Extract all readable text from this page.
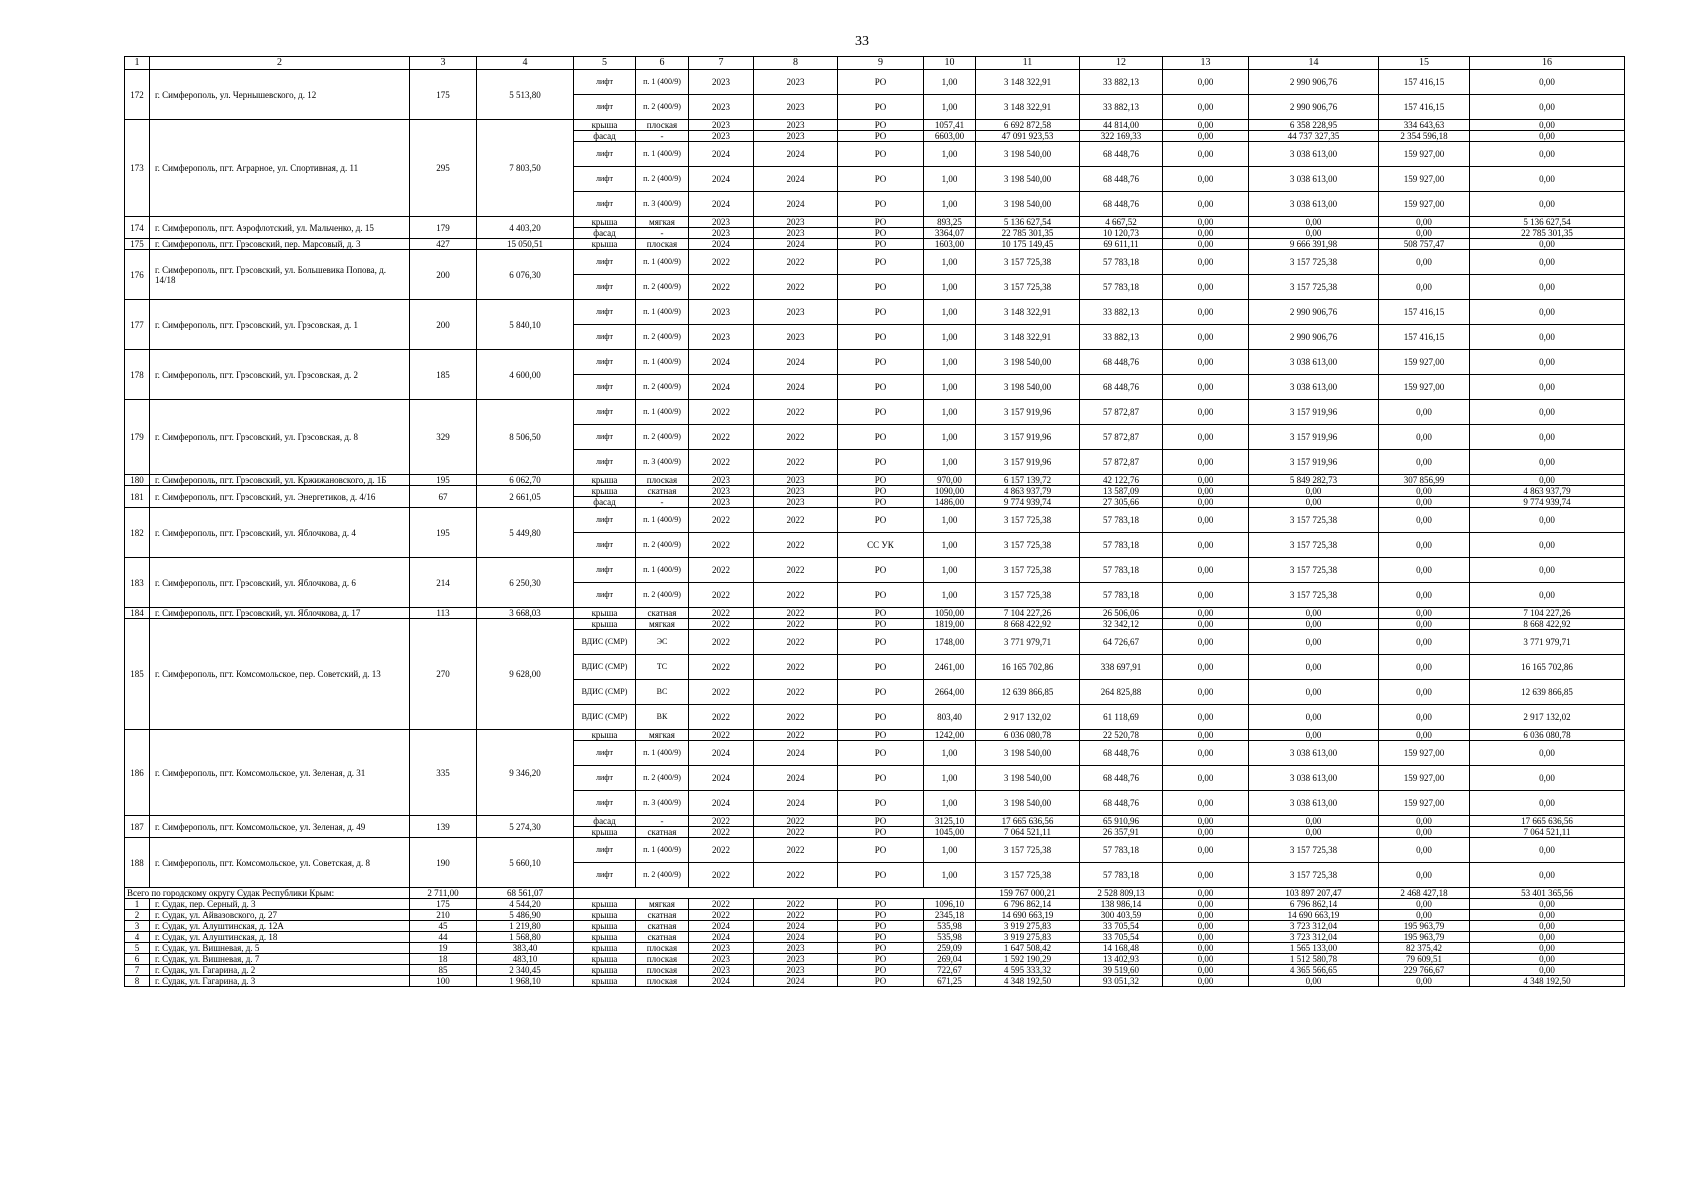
33
1	2	3	4	5	6	7	8	9	10	11	12	13	14	15	16
172	г. Симферополь, ул. Чернышевского, д. 12	175	5 513,80	лифт	п. 1 (400/9)	2023	2023	РО	1,00	3 148 322,91	33 882,13	0,00	2 990 906,76	157 416,15	0,00
				лифт	п. 2 (400/9)	2023	2023	РО	1,00	3 148 322,91	33 882,13	0,00	2 990 906,76	157 416,15	0,00
173	г. Симферополь, пгт. Аграрное, ул. Спортивная, д. 11	295	7 803,50	крыша	плоская	2023	2023	РО	1057,41	6 692 872,58	44 814,00	0,00	6 358 228,95	334 643,63	0,00
				фасад	-	2023	2023	РО	6603,00	47 091 923,53	322 169,33	0,00	44 737 327,35	2 354 596,18	0,00
				лифт	п. 1 (400/9)	2024	2024	РО	1,00	3 198 540,00	68 448,76	0,00	3 038 613,00	159 927,00	0,00
				лифт	п. 2 (400/9)	2024	2024	РО	1,00	3 198 540,00	68 448,76	0,00	3 038 613,00	159 927,00	0,00
				лифт	п. 3 (400/9)	2024	2024	РО	1,00	3 198 540,00	68 448,76	0,00	3 038 613,00	159 927,00	0,00
174	г. Симферополь, пгт. Аэрофлотский, ул. Мальченко, д. 15	179	4 403,20	крыша	мягкая	2023	2023	РО	893,25	5 136 627,54	4 667,52	0,00	0,00	0,00	5 136 627,54
				фасад	-	2023	2023	РО	3364,07	22 785 301,35	10 120,73	0,00	0,00	0,00	22 785 301,35
175	г. Симферополь, пгт. Грэсовский, пер. Марсовый, д. 3	427	15 050,51	крыша	плоская	2024	2024	РО	1603,00	10 175 149,45	69 611,11	0,00	9 666 391,98	508 757,47	0,00
176	г. Симферополь, пгт. Грэсовский, ул. Большевика Попова, д. 14/18	200	6 076,30	лифт	п. 1 (400/9)	2022	2022	РО	1,00	3 157 725,38	57 783,18	0,00	3 157 725,38	0,00	0,00
				лифт	п. 2 (400/9)	2022	2022	РО	1,00	3 157 725,38	57 783,18	0,00	3 157 725,38	0,00	0,00
177	г. Симферополь, пгт. Грэсовский, ул. Грэсовская, д. 1	200	5 840,10	лифт	п. 1 (400/9)	2023	2023	РО	1,00	3 148 322,91	33 882,13	0,00	2 990 906,76	157 416,15	0,00
				лифт	п. 2 (400/9)	2023	2023	РО	1,00	3 148 322,91	33 882,13	0,00	2 990 906,76	157 416,15	0,00
178	г. Симферополь, пгт. Грэсовский, ул. Грэсовская, д. 2	185	4 600,00	лифт	п. 1 (400/9)	2024	2024	РО	1,00	3 198 540,00	68 448,76	0,00	3 038 613,00	159 927,00	0,00
				лифт	п. 2 (400/9)	2024	2024	РО	1,00	3 198 540,00	68 448,76	0,00	3 038 613,00	159 927,00	0,00
179	г. Симферополь, пгт. Грэсовский, ул. Грэсовская, д. 8	329	8 506,50	лифт	п. 1 (400/9)	2022	2022	РО	1,00	3 157 919,96	57 872,87	0,00	3 157 919,96	0,00	0,00
				лифт	п. 2 (400/9)	2022	2022	РО	1,00	3 157 919,96	57 872,87	0,00	3 157 919,96	0,00	0,00
				лифт	п. 3 (400/9)	2022	2022	РО	1,00	3 157 919,96	57 872,87	0,00	3 157 919,96	0,00	0,00
180	г. Симферополь, пгт. Грэсовский, ул. Кржижановского, д. 1Б	195	6 062,70	крыша	плоская	2023	2023	РО	970,00	6 157 139,72	42 122,76	0,00	5 849 282,73	307 856,99	0,00
181	г. Симферополь, пгт. Грэсовский, ул. Энергетиков, д. 4/16	67	2 661,05	крыша	скатная	2023	2023	РО	1090,00	4 863 937,79	13 587,09	0,00	0,00	0,00	4 863 937,79
				фасад	-	2023	2023	РО	1486,00	9 774 939,74	27 305,66	0,00	0,00	0,00	9 774 939,74
182	г. Симферополь, пгт. Грэсовский, ул. Яблочкова, д. 4	195	5 449,80	лифт	п. 1 (400/9)	2022	2022	РО	1,00	3 157 725,38	57 783,18	0,00	3 157 725,38	0,00	0,00
				лифт	п. 2 (400/9)	2022	2022	СС УК	1,00	3 157 725,38	57 783,18	0,00	3 157 725,38	0,00	0,00
183	г. Симферополь, пгт. Грэсовский, ул. Яблочкова, д. 6	214	6 250,30	лифт	п. 1 (400/9)	2022	2022	РО	1,00	3 157 725,38	57 783,18	0,00	3 157 725,38	0,00	0,00
				лифт	п. 2 (400/9)	2022	2022	РО	1,00	3 157 725,38	57 783,18	0,00	3 157 725,38	0,00	0,00
184	г. Симферополь, пгт. Грэсовский, ул. Яблочкова, д. 17	113	3 668,03	крыша	скатная	2022	2022	РО	1050,00	7 104 227,26	26 506,06	0,00	0,00	0,00	7 104 227,26
185	г. Симферополь, пгт. Комсомольское, пер. Советский, д. 13	270	9 628,00	крыша	мягкая	2022	2022	РО	1819,00	8 668 422,92	32 342,12	0,00	0,00	0,00	8 668 422,92
				ВДИС (СМР)	ЭС	2022	2022	РО	1748,00	3 771 979,71	64 726,67	0,00	0,00	0,00	3 771 979,71
				ВДИС (СМР)	ТС	2022	2022	РО	2461,00	16 165 702,86	338 697,91	0,00	0,00	0,00	16 165 702,86
				ВДИС (СМР)	ВС	2022	2022	РО	2664,00	12 639 866,85	264 825,88	0,00	0,00	0,00	12 639 866,85
				ВДИС (СМР)	ВК	2022	2022	РО	803,40	2 917 132,02	61 118,69	0,00	0,00	0,00	2 917 132,02
186	г. Симферополь, пгт. Комсомольское, ул. Зеленая, д. 31	335	9 346,20	крыша	мягкая	2022	2022	РО	1242,00	6 036 080,78	22 520,78	0,00	0,00	0,00	6 036 080,78
				лифт	п. 1 (400/9)	2024	2024	РО	1,00	3 198 540,00	68 448,76	0,00	3 038 613,00	159 927,00	0,00
				лифт	п. 2 (400/9)	2024	2024	РО	1,00	3 198 540,00	68 448,76	0,00	3 038 613,00	159 927,00	0,00
				лифт	п. 3 (400/9)	2024	2024	РО	1,00	3 198 540,00	68 448,76	0,00	3 038 613,00	159 927,00	0,00
187	г. Симферополь, пгт. Комсомольское, ул. Зеленая, д. 49	139	5 274,30	фасад	-	2022	2022	РО	3125,10	17 665 636,56	65 910,96	0,00	0,00	0,00	17 665 636,56
				крыша	скатная	2022	2022	РО	1045,00	7 064 521,11	26 357,91	0,00	0,00	0,00	7 064 521,11
188	г. Симферополь, пгт. Комсомольское, ул. Советская, д. 8	190	5 660,10	лифт	п. 1 (400/9)	2022	2022	РО	1,00	3 157 725,38	57 783,18	0,00	3 157 725,38	0,00	0,00
				лифт	п. 2 (400/9)	2022	2022	РО	1,00	3 157 725,38	57 783,18	0,00	3 157 725,38	0,00	0,00
Всего по городскому округу Судак Республики Крым:		2 711,00	68 561,07							159 767 000,21	2 528 809,13	0,00	103 897 207,47	2 468 427,18	53 401 365,56
1	г. Судак, пер. Серный, д. 3	175	4 544,20	крыша	мягкая	2022	2022	РО	1096,10	6 796 862,14	138 986,14	0,00	6 796 862,14	0,00	0,00
2	г. Судак, ул. Айвазовского, д. 27	210	5 486,90	крыша	скатная	2022	2022	РО	2345,18	14 690 663,19	300 403,59	0,00	14 690 663,19	0,00	0,00
3	г. Судак, ул. Алуштинская, д. 12А	45	1 219,80	крыша	скатная	2024	2024	РО	535,98	3 919 275,83	33 705,54	0,00	3 723 312,04	195 963,79	0,00
4	г. Судак, ул. Алуштинская, д. 18	44	1 568,80	крыша	скатная	2024	2024	РО	535,98	3 919 275,83	33 705,54	0,00	3 723 312,04	195 963,79	0,00
5	г. Судак, ул. Вишневая, д. 5	19	383,40	крыша	плоская	2023	2023	РО	259,09	1 647 508,42	14 168,48	0,00	1 565 133,00	82 375,42	0,00
6	г. Судак, ул. Вишневая, д. 7	18	483,10	крыша	плоская	2023	2023	РО	269,04	1 592 190,29	13 402,93	0,00	1 512 580,78	79 609,51	0,00
7	г. Судак, ул. Гагарина, д. 2	85	2 340,45	крыша	плоская	2023	2023	РО	722,67	4 595 333,32	39 519,60	0,00	4 365 566,65	229 766,67	0,00
8	г. Судак, ул. Гагарина, д. 3	100	1 968,10	крыша	плоская	2024	2024	РО	671,25	4 348 192,50	93 051,32	0,00	0,00	0,00	4 348 192,50
